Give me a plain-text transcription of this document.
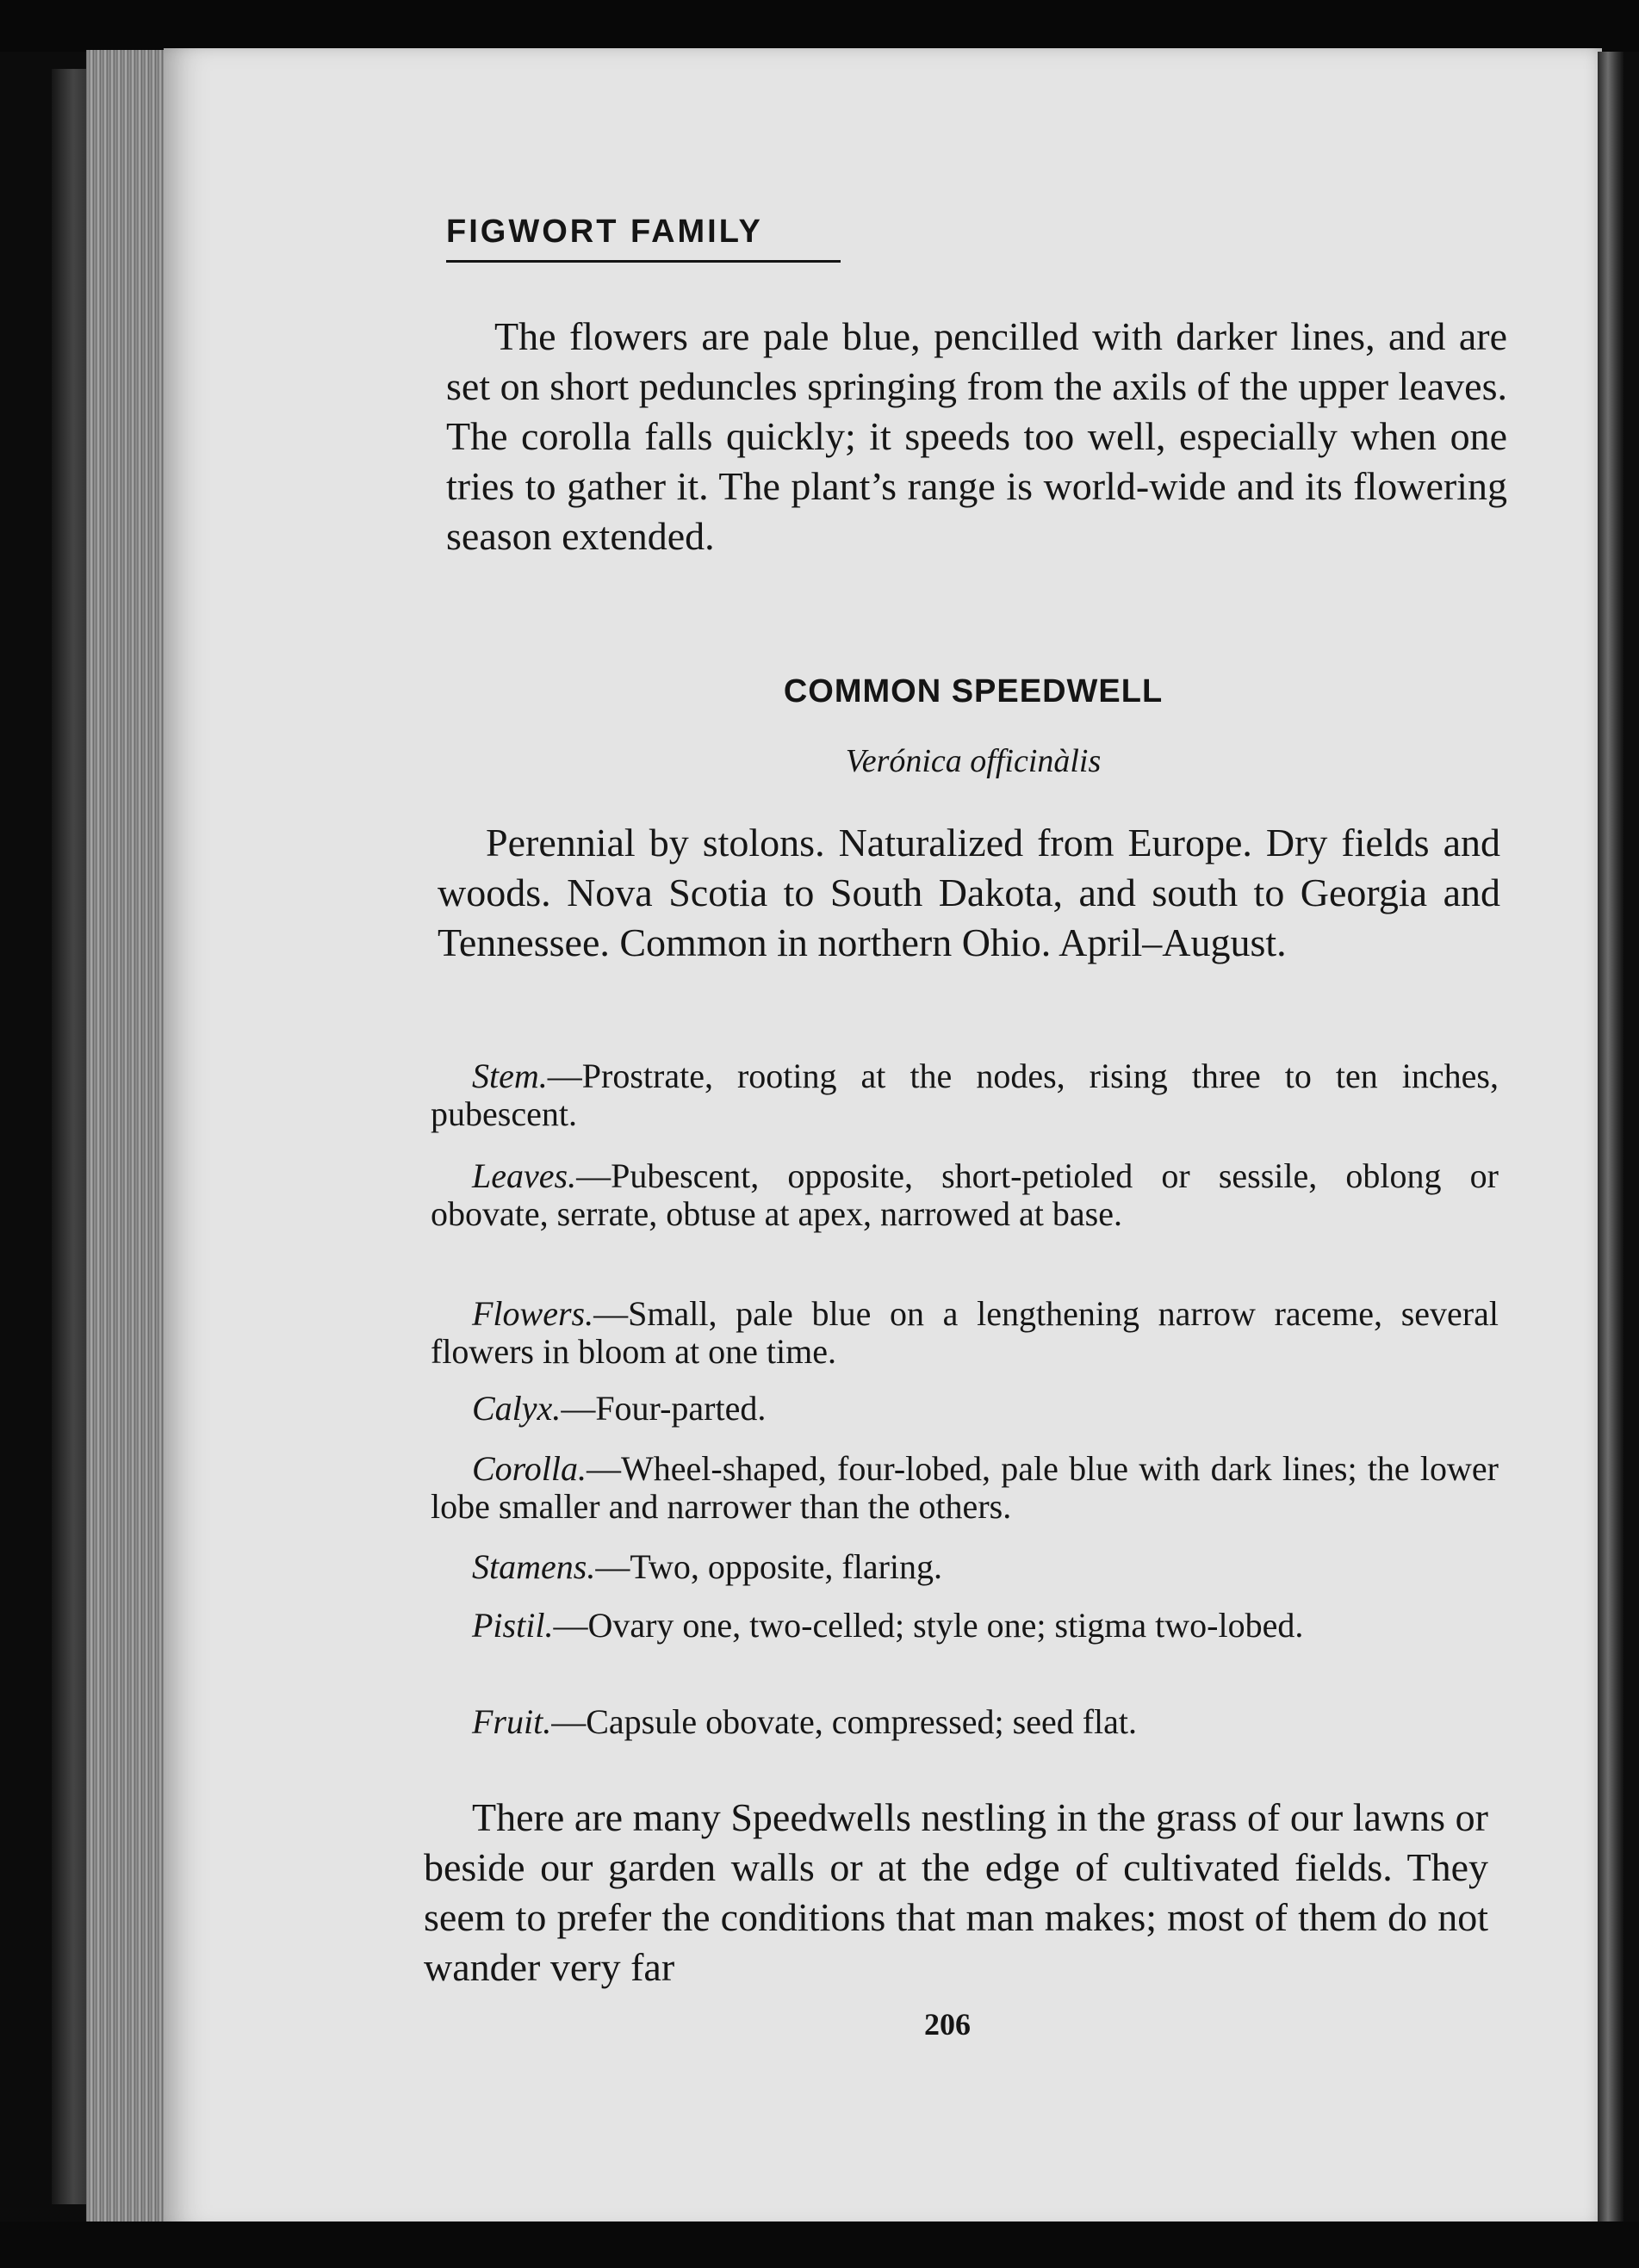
FIGWORT FAMILY
The flowers are pale blue, pencilled with darker lines, and are set on short peduncles springing from the axils of the upper leaves. The corolla falls quickly; it speeds too well, especially when one tries to gather it. The plant’s range is world-wide and its flowering season extended.
COMMON SPEEDWELL
Verónica officinàlis
Perennial by stolons. Naturalized from Europe. Dry fields and woods. Nova Scotia to South Dakota, and south to Georgia and Tennessee. Common in northern Ohio. April–August.
Stem.—Prostrate, rooting at the nodes, rising three to ten inches, pubescent.
Leaves.—Pubescent, opposite, short-petioled or sessile, oblong or obovate, serrate, obtuse at apex, narrowed at base.
Flowers.—Small, pale blue on a lengthening narrow raceme, several flowers in bloom at one time.
Calyx.—Four-parted.
Corolla.—Wheel-shaped, four-lobed, pale blue with dark lines; the lower lobe smaller and narrower than the others.
Stamens.—Two, opposite, flaring.
Pistil.—Ovary one, two-celled; style one; stigma two-lobed.
Fruit.—Capsule obovate, compressed; seed flat.
There are many Speedwells nestling in the grass of our lawns or beside our garden walls or at the edge of cultivated fields. They seem to prefer the conditions that man makes; most of them do not wander very far
206
